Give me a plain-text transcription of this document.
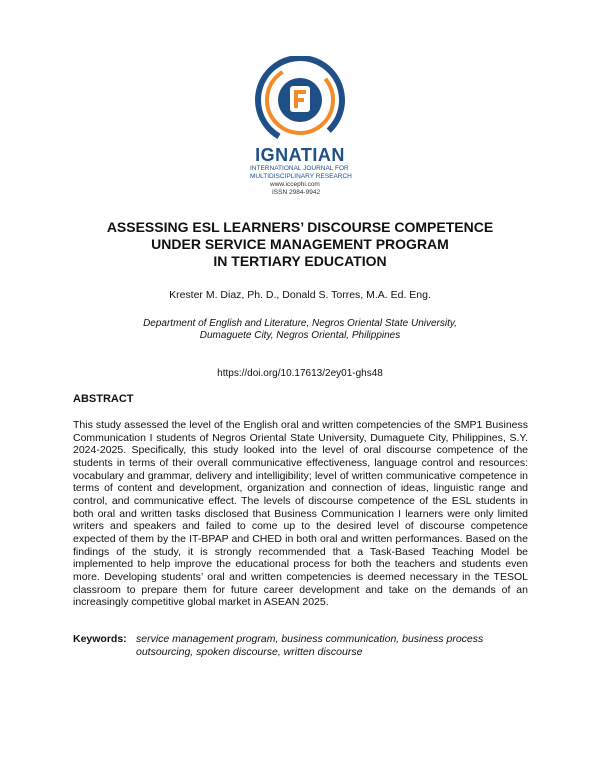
IGNATIAN
INTERNATIONAL JOURNAL FOR
MULTIDISCIPLINARY RESEARCH
www.iccephi.com
ISSN 2984-9942
ASSESSING ESL LEARNERS’ DISCOURSE COMPETENCE
UNDER SERVICE MANAGEMENT PROGRAM
IN TERTIARY EDUCATION
Krester M. Diaz, Ph. D., Donald S. Torres, M.A. Ed. Eng.
Department of English and Literature, Negros Oriental State University,
Dumaguete City, Negros Oriental, Philippines
https://doi.org/10.17613/2ey01-ghs48
ABSTRACT

This study assessed the level of the English oral and written competencies of the SMP1 Business Communication I students of Negros Oriental State University, Dumaguete City, Philippines, S.Y. 2024-2025. Specifically, this study looked into the level of oral discourse competence of the students in terms of their overall communicative effectiveness, language control and resources: vocabulary and grammar, delivery and intelligibility; level of written communicative competence in terms of content and development, organization and connection of ideas, linguistic range and control, and communicative effect. The levels of discourse competence of the ESL students in both oral and written tasks disclosed that Business Communication I learners were only limited writers and speakers and failed to come up to the desired level of discourse competence expected of them by the IT-BPAP and CHED in both oral and written performances. Based on the findings of the study, it is strongly recommended that a Task-Based Teaching Model be implemented to help improve the educational process for both the teachers and students even more. Developing students’ oral and written competencies is deemed necessary in the TESOL classroom to prepare them for future career development and take on the demands of an increasingly competitive global market in ASEAN 2025.

Keywords: service management program, business communication, business process outsourcing, spoken discourse, written discourse
